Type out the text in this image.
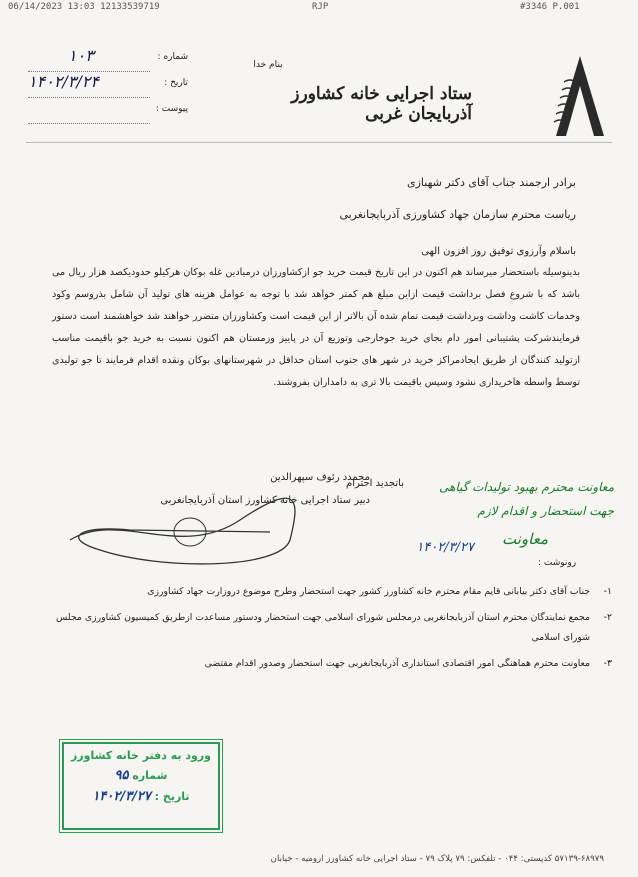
06/14/2023 13:03 12133539719	RJP	#3346 P.001
بنام خدا
ستاد اجرایی خانه کشاورز آذربایجان غربی
شماره :
۱۰۳
تاریخ :
۱۴۰۲/۳/۲۴
پیوست :
برادر ارجمند جناب آقای دکتر شهبازی
ریاست محترم سازمان جهاد کشاورزی آذربایجانغربی
باسلام وآرزوی توفیق روز افزون الهی
بدینوسیله باستحضار میرساند هم اکنون در این تاریخ قیمت خرید جو ازکشاورزان درمیادین غله بوکان هرکیلو حدودیکصد هزار ریال می باشد که با شروع فصل برداشت قیمت ازاین مبلغ هم کمتر خواهد شد با توجه به عوامل هزینه های تولید آن شامل بذروسم وکود وخدمات کاشت وداشت وبرداشت قیمت تمام شده آن بالاتر از این قیمت است وکشاورزان متضرر خواهند شد خواهشمند است دستور فرمایندشرکت پشتیبانی امور دام بجای خرید جوخارجی وتوزیع آن در پاییز وزمستان هم اکنون نسبت به خرید جو باقیمت مناسب ازتولید کنندگان از طریق ایجادمراکز خرید در شهر های جنوب استان حداقل در شهرستانهای بوکان ونقده اقدام فرمایند تا جو تولیدی توسط واسطه هاخریداری نشود وسپس باقیمت بالا تری به دامداران بفروشند.
باتجدید احترام
محمدد رئوف سپهرالدین
دبیر ستاد اجرایی خانه کشاورز استان آذربایجانغربی
معاونت محترم بهبود تولیدات گیاهی
جهت استحضار و اقدام لازم
معاونت
۱۴۰۲/۳/۲۷
رونوشت :
۱-
جناب آقای دکتر بیابانی قایم مقام محترم خانه کشاورز کشور جهت استحضار وطرح موضوع دروزارت جهاد کشاورزی
۲-
مجمع نمایندگان محترم استان آذربایجانغربی درمجلس شورای اسلامی جهت استحضار ودستور مساعدت ازطریق کمیسیون کشاورزی مجلس شورای اسلامی
۳-
معاونت محترم هماهنگی امور اقتصادی استانداری آذربایجانغربی جهت استحضار وصدور اقدام مقتضی
ورود به دفتر خانه کشاورز
شماره ۹۵
تاریخ : ۱۴۰۲/۳/۲۷
۵۷۱۳۹-۶۸۹۷۹ کدپستی: ۰۴۴ - تلفکس: ۷۹ پلاک ۷۹ - ستاد اجرایی خانه کشاورز ارومیه - خیابان
